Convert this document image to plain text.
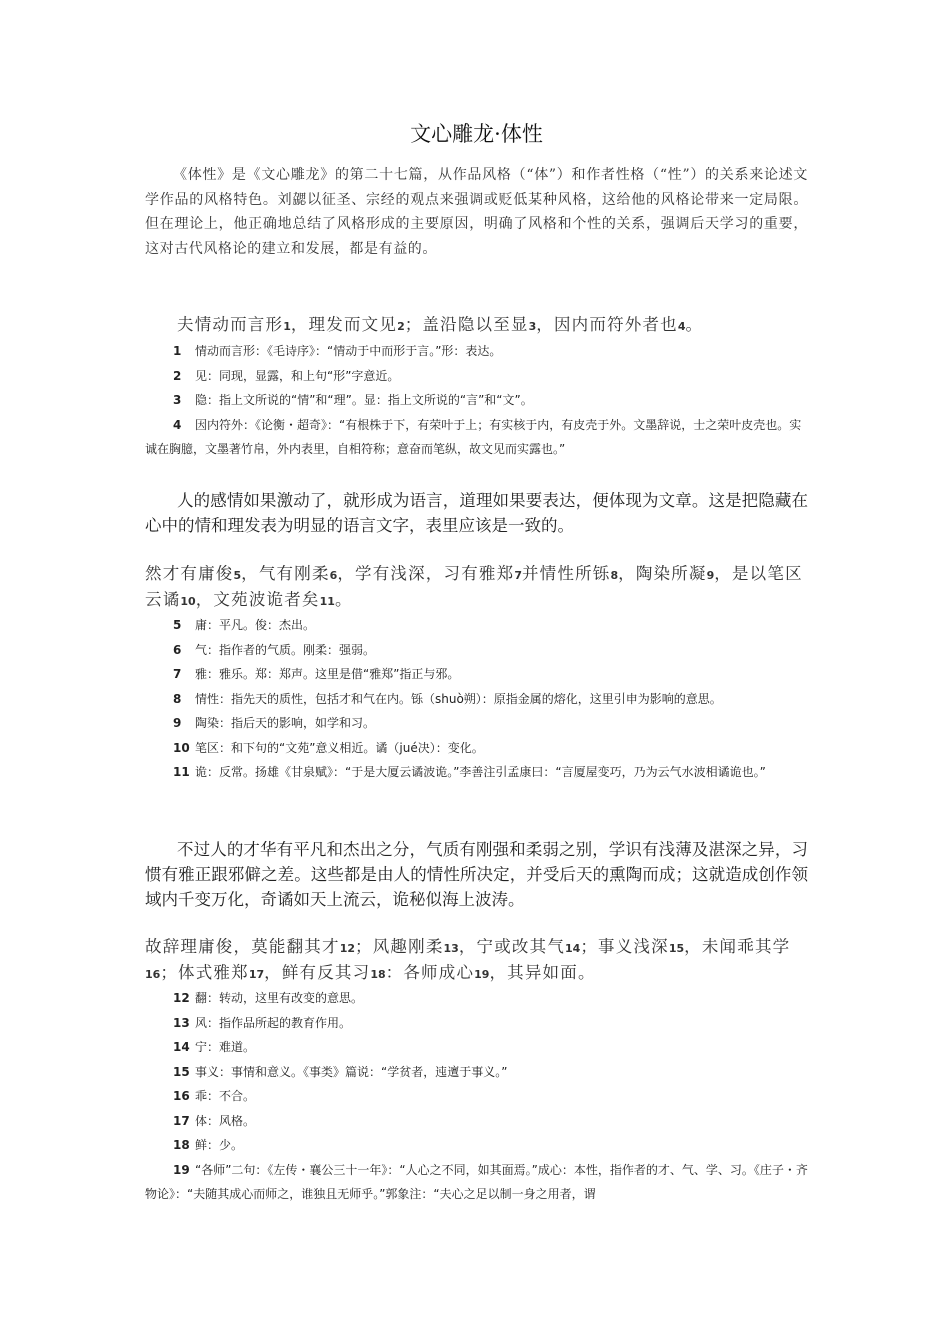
文心雕龙·体性

《体性》是《文心雕龙》的第二十七篇，从作品风格（“体”）和作者性格（“性”）的关系来论述文学作品的风格特色。刘勰以征圣、宗经的观点来强调或贬低某种风格，这给他的风格论带来一定局限。但在理论上，他正确地总结了风格形成的主要原因，明确了风格和个性的关系，强调后天学习的重要，这对古代风格论的建立和发展，都是有益的。

夫情动而言形1，理发而文见2；盖沿隐以至显3，因内而符外者也4。

1 情动而言形：《毛诗序》：“情动于中而形于言。”形：表达。
2 见：同现，显露，和上句“形”字意近。
3 隐：指上文所说的“情”和“理”。显：指上文所说的“言”和“文”。
4 因内符外：《论衡・超奇》：“有根株于下，有荣叶于上；有实核于内，有皮壳于外。文墨辞说，士之荣叶皮壳也。实诚在胸臆，文墨著竹帛，外内表里，自相符称；意奋而笔纵，故文见而实露也。”

人的感情如果激动了，就形成为语言，道理如果要表达，便体现为文章。这是把隐藏在心中的情和理发表为明显的语言文字，表里应该是一致的。

然才有庸俊5，气有刚柔6，学有浅深，习有雅郑7并情性所铄8，陶染所凝9，是以笔区云谲10，文苑波诡者矣11。

5 庸：平凡。俊：杰出。
6 气：指作者的气质。刚柔：强弱。
7 雅：雅乐。郑：郑声。这里是借“雅郑”指正与邪。
8 情性：指先天的质性，包括才和气在内。铄（shuò朔）：原指金属的熔化，这里引申为影响的意思。
9 陶染：指后天的影响，如学和习。
10 笔区：和下句的“文苑”意义相近。谲（jué决）：变化。
11 诡：反常。扬雄《甘泉赋》：“于是大厦云谲波诡。”李善注引孟康曰：“言厦屋变巧，乃为云气水波相谲诡也。”

不过人的才华有平凡和杰出之分，气质有刚强和柔弱之别，学识有浅薄及湛深之异，习惯有雅正跟邪僻之差。这些都是由人的情性所决定，并受后天的熏陶而成；这就造成创作领域内千变万化，奇谲如天上流云，诡秘似海上波涛。

故辞理庸俊，莫能翻其才12；风趣刚柔13，宁或改其气14；事义浅深15，未闻乖其学16；体式雅郑17，鲜有反其习18：各师成心19，其异如面。

12 翻：转动，这里有改变的意思。
13 风：指作品所起的教育作用。
14 宁：难道。
15 事义：事情和意义。《事类》篇说：“学贫者，迍邅于事义。”
16 乖：不合。
17 体：风格。
18 鲜：少。
19 “各师”二句：《左传・襄公三十一年》：“人心之不同，如其面焉。”成心：本性，指作者的才、气、学、习。《庄子・齐物论》：“夫随其成心而师之，谁独且无师乎。”郭象注：“夫心之足以制一身之用者，谓
